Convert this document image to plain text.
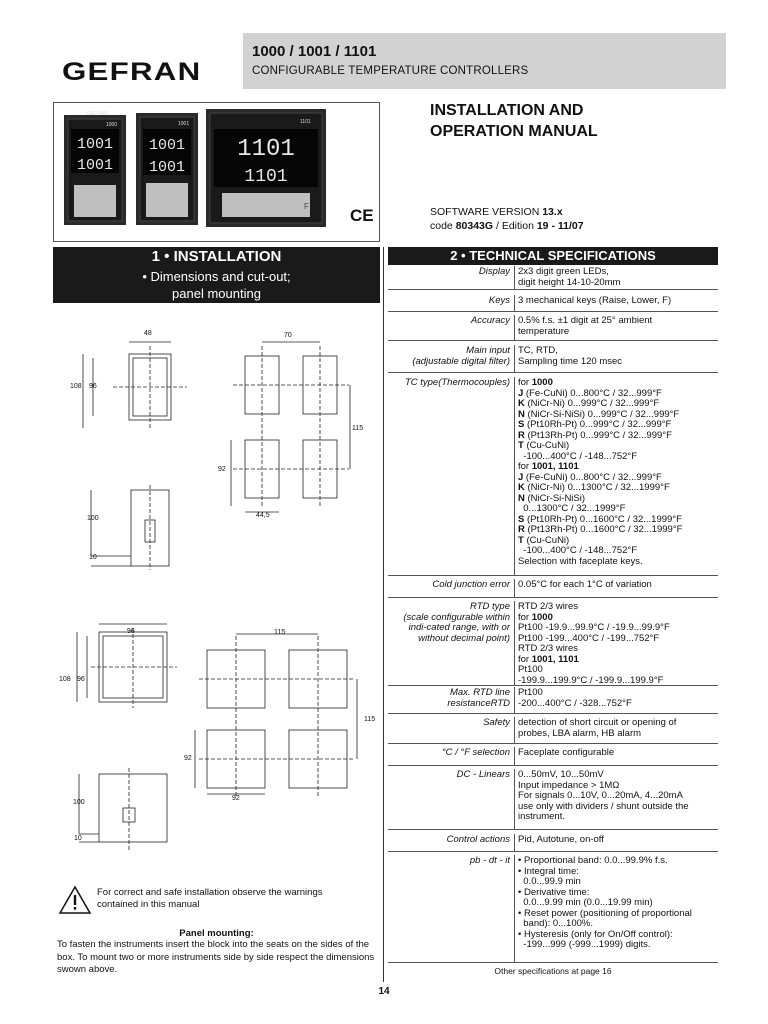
GEFRAN
1000 / 1001 / 1101
CONFIGURABLE TEMPERATURE CONTROLLERS
1001
1001
GEFRAN
1000
1001
1001
1001
1101
1101
1101
F CE
INSTALLATION AND
OPERATION MANUAL
SOFTWARE VERSION 13.x
code 80343G / Edition 19 - 11/07
1 • INSTALLATION
• Dimensions and cut-out;
panel mounting
48	70
108 96
115
92
44,5
100
10
96	115
108 96
115
92
92
100
10
For correct and safe installation observe the warnings contained in this manual
Panel mounting:
To fasten the instruments insert the block into the seats on the sides of the box. To mount two or more instruments side by side respect the dimensions swown above.
2 • TECHNICAL SPECIFICATIONS
Display 2x3 digit green LEDs,
digit height 14-10-20mm
Keys 3 mechanical keys (Raise, Lower, F)
Accuracy 0.5% f.s. ±1 digit at 25° ambient
temperature
Main input
(adjustable digital filter)
TC, RTD,
Sampling time 120 msec
TC type(Thermocouples) for 1000
J (Fe-CuNi) 0...800°C / 32...999°F
K (NiCr-Ni) 0...999°C / 32...999°F
N (NiCr-Si-NiSi) 0...999°C / 32...999°F
S (Pt10Rh-Pt) 0...999°C / 32...999°F
R (Pt13Rh-Pt) 0...999°C / 32...999°F
T (Cu-CuNi)
-100...400°C / -148...752°F
for 1001, 1101
J (Fe-CuNi) 0...800°C / 32...999°F
K (NiCr-Ni) 0...1300°C / 32...1999°F
N (NiCr-Si-NiSi)
0...1300°C / 32...1999°F
S (Pt10Rh-Pt) 0...1600°C / 32...1999°F
R (Pt13Rh-Pt) 0...1600°C / 32...1999°F
T (Cu-CuNi)
-100...400°C / -148...752°F
Selection with faceplate keys.
Cold junction error 0.05°C for each 1°C of variation
RTD type
(scale configurable within
indi-cated range, with or
without decimal point)
RTD 2/3 wires
for 1000
Pt100 -19.9...99.9°C / -19.9...99.9°F
Pt100 -199...400°C / -199...752°F
RTD 2/3 wires
for 1001, 1101
Pt100
-199.9...199.9°C / -199.9...199.9°F
Max. RTD line
resistanceRTD
Pt100
-200...400°C / -328...752°F
Safety detection of short circuit or opening of
probes, LBA alarm, HB alarm
°C / °F selection Faceplate configurable
DC - Linears 0...50mV, 10...50mV
Input impedance > 1MΩ
For signals 0...10V, 0...20mA, 4...20mA
use only with dividers / shunt outside the
instrument.
Control actions Pid, Autotune, on-off
pb - dt - it • Proportional band: 0.0...99.9% f.s.
• Integral time:
0.0...99.9 min
• Derivative time:
0.0...9.99 min (0.0...19.99 min)
• Reset power (positioning of proportional
band): 0...100%.
• Hysteresis (only for On/Off control):
-199...999 (-999...1999) digits.
Other specifications at page 16
14
